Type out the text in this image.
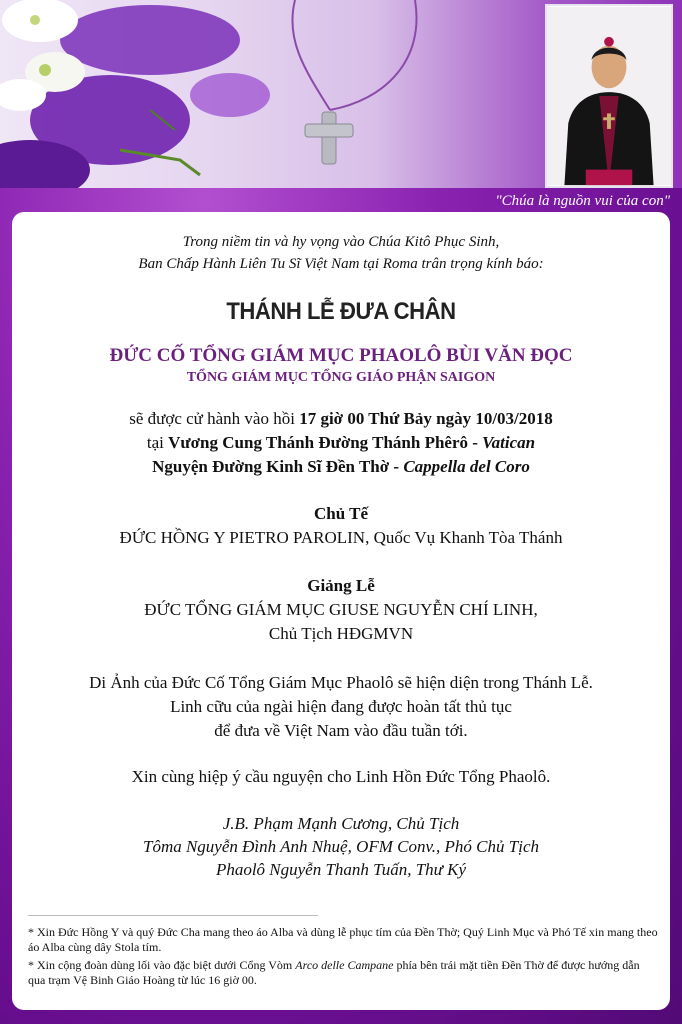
"Chúa là nguồn vui của con"
Trong niềm tin và hy vọng vào Chúa Kitô Phục Sinh,
Ban Chấp Hành Liên Tu Sĩ Việt Nam tại Roma trân trọng kính báo:
THÁNH LỄ ĐƯA CHÂN
ĐỨC CỐ TỔNG GIÁM MỤC PHAOLÔ BÙI VĂN ĐỌC
TỔNG GIÁM MỤC TỔNG GIÁO PHẬN SAIGON
sẽ được cử hành vào hồi 17 giờ 00 Thứ Bảy ngày 10/03/2018
tại Vương Cung Thánh Đường Thánh Phêrô - Vatican
Nguyện Đường Kinh Sĩ Đền Thờ - Cappella del Coro
Chủ Tế
ĐỨC HỒNG Y PIETRO PAROLIN, Quốc Vụ Khanh Tòa Thánh
Giảng Lễ
ĐỨC TỔNG GIÁM MỤC GIUSE NGUYỄN CHÍ LINH,
Chủ Tịch HĐGMVN
Di Ảnh của Đức Cố Tổng Giám Mục Phaolô sẽ hiện diện trong Thánh Lễ.
Linh cữu của ngài hiện đang được hoàn tất thủ tục
để đưa về Việt Nam vào đầu tuần tới.
Xin cùng hiệp ý cầu nguyện cho Linh Hồn Đức Tổng Phaolô.
J.B. Phạm Mạnh Cương, Chủ Tịch
Tôma Nguyễn Đình Anh Nhuệ, OFM Conv., Phó Chủ Tịch
Phaolô Nguyễn Thanh Tuấn, Thư Ký
* Xin Đức Hồng Y và quý Đức Cha mang theo áo Alba và dùng lễ phục tím của Đền Thờ; Quý Linh Mục và Phó Tế xin mang theo áo Alba cùng dây Stola tím.
* Xin cộng đoàn dùng lối vào đặc biệt dưới Cổng Vòm Arco delle Campane phía bên trái mặt tiền Đền Thờ để được hướng dẫn qua trạm Vệ Binh Giáo Hoàng từ lúc 16 giờ 00.
